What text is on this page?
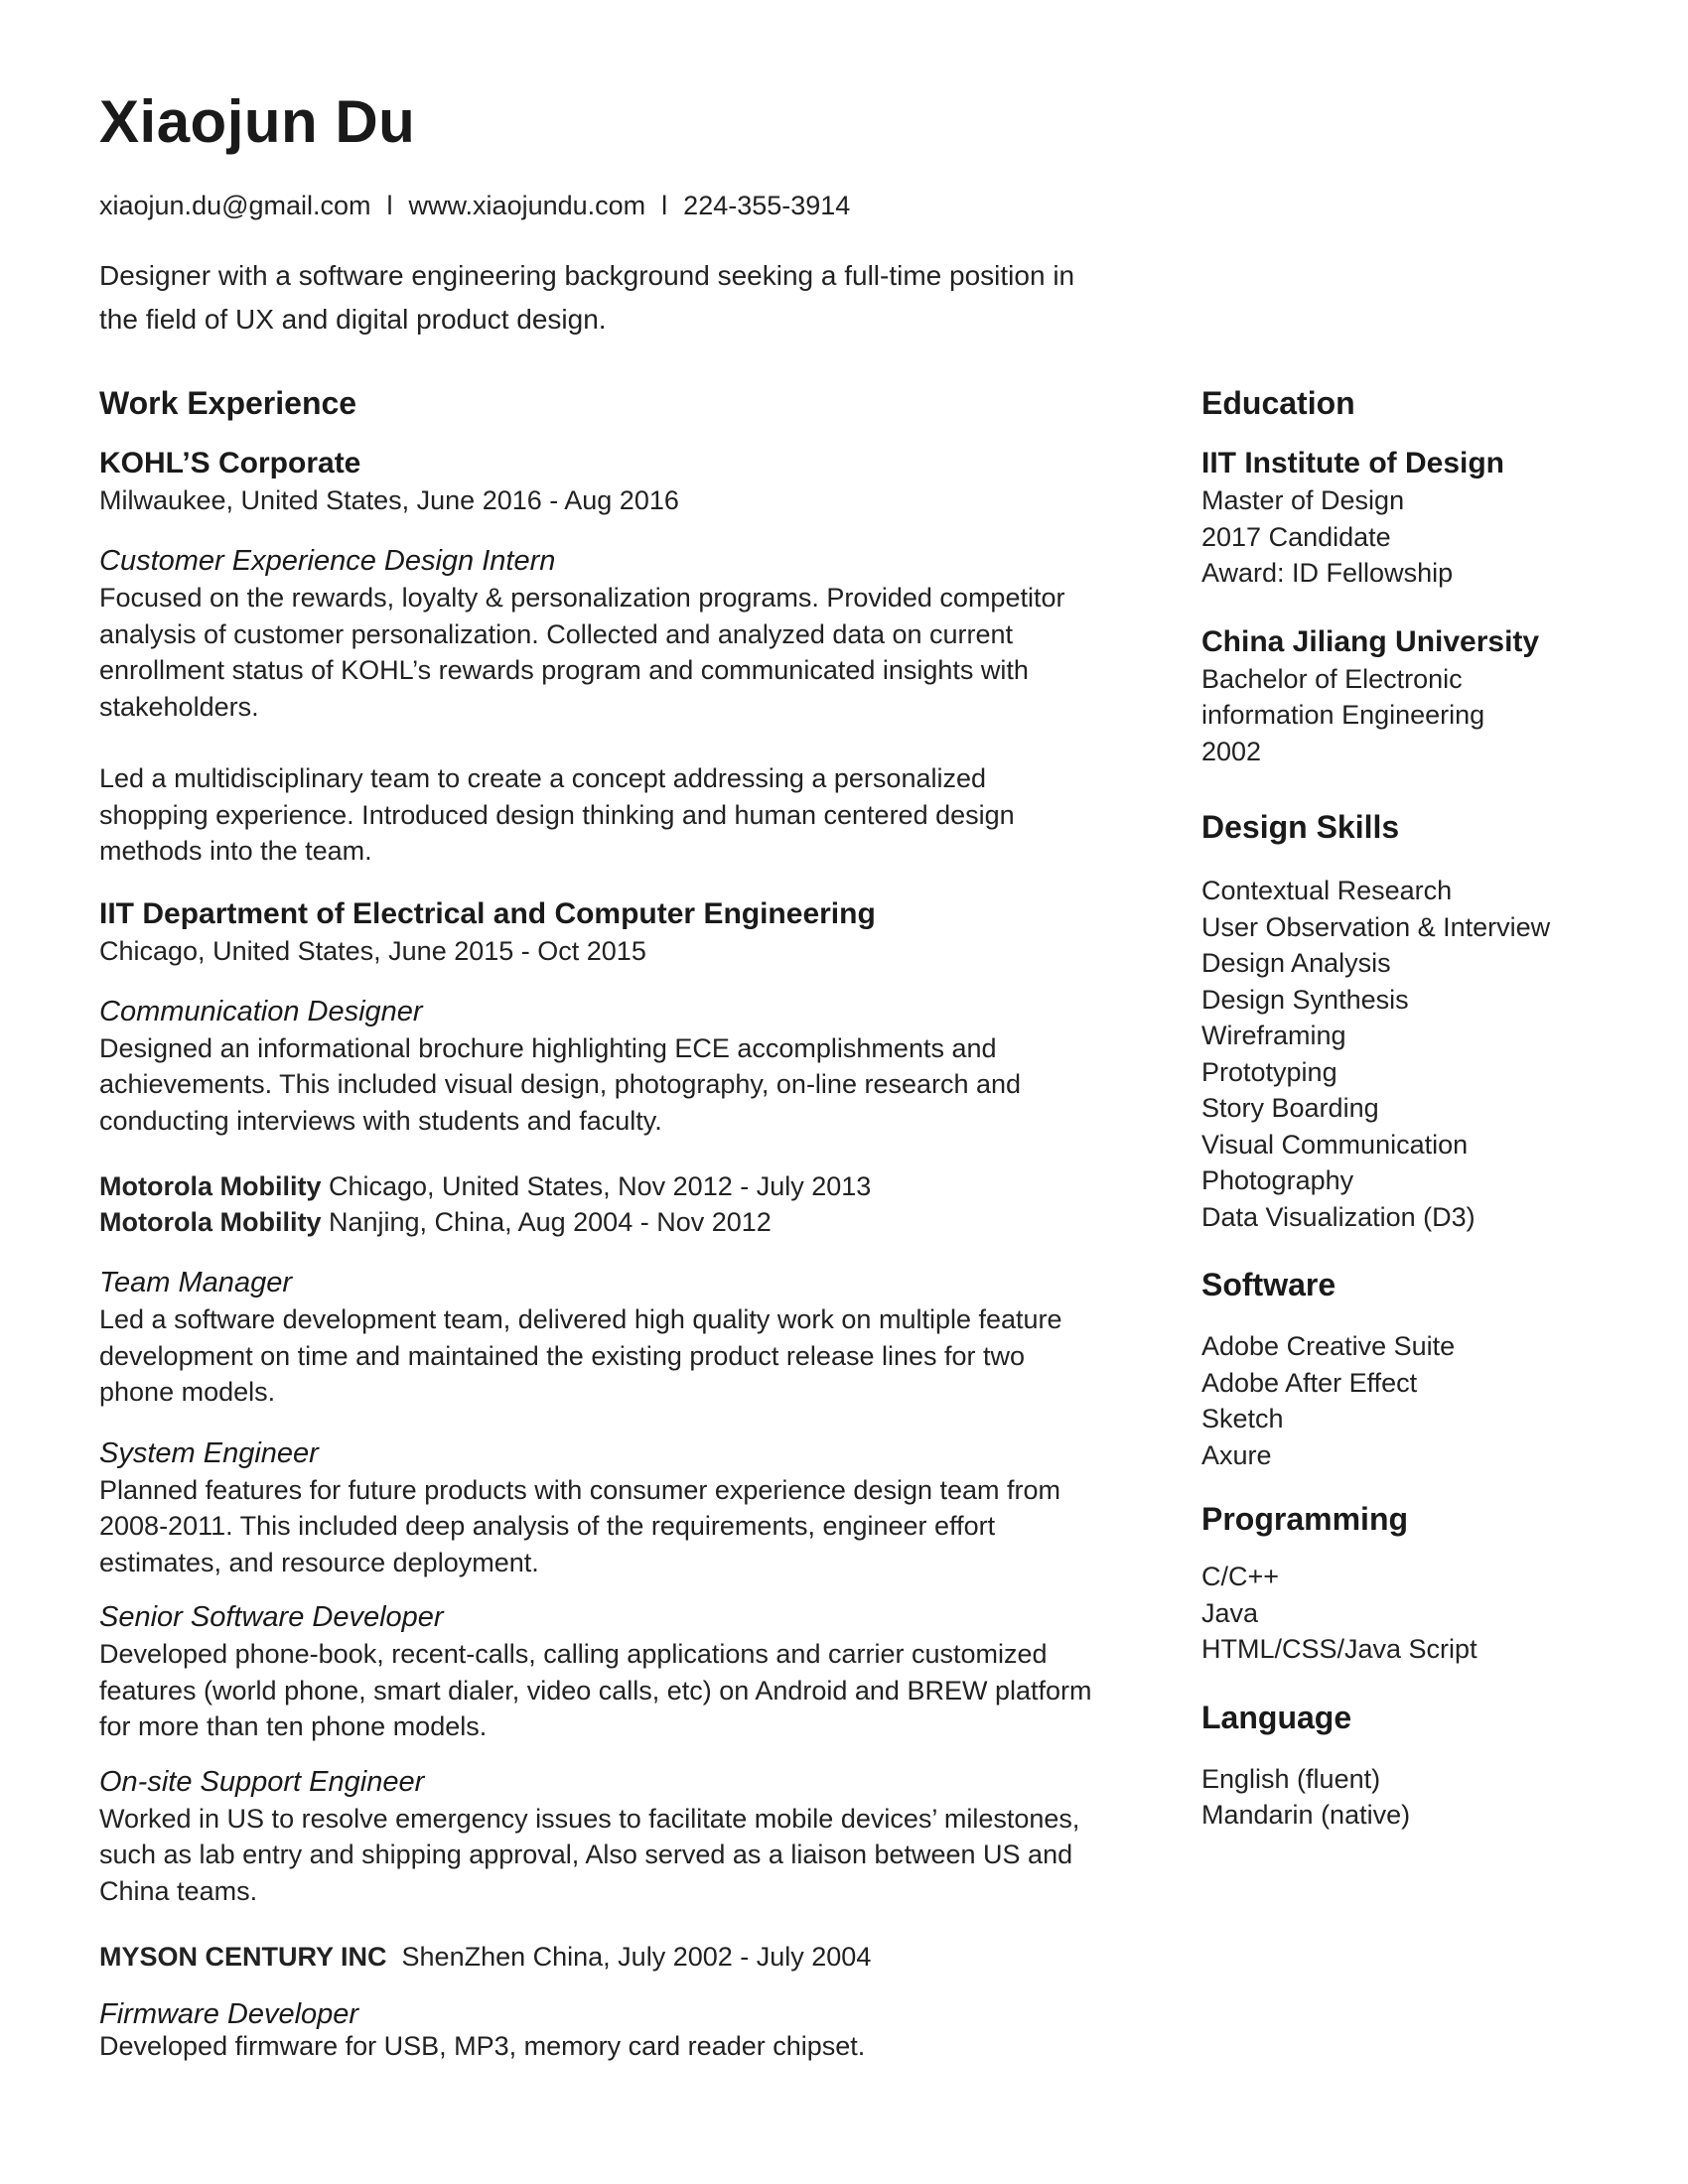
Xiaojun Du
xiaojun.du@gmail.com l www.xiaojundu.com l 224-355-3914
Designer with a software engineering background seeking a full-time position in the field of UX and digital product design.
Work Experience
KOHL’S Corporate
Milwaukee, United States, June 2016 - Aug 2016
Customer Experience Design Intern
Focused on the rewards, loyalty & personalization programs. Provided competitor analysis of customer personalization. Collected and analyzed data on current enrollment status of KOHL’s rewards program and communicated insights with stakeholders.
Led a multidisciplinary team to create a concept addressing a personalized shopping experience. Introduced design thinking and human centered design methods into the team.
IIT Department of Electrical and Computer Engineering
Chicago, United States, June 2015 - Oct 2015
Communication Designer
Designed an informational brochure highlighting ECE accomplishments and achievements. This included visual design, photography, on-line research and conducting interviews with students and faculty.
Motorola Mobility Chicago, United States, Nov 2012 - July 2013
Motorola Mobility Nanjing, China, Aug 2004 - Nov 2012
Team Manager
Led a software development team, delivered high quality work on multiple feature development on time and maintained the existing product release lines for two phone models.
System Engineer
Planned features for future products with consumer experience design team from 2008-2011. This included deep analysis of the requirements, engineer effort estimates, and resource deployment.
Senior Software Developer
Developed phone-book, recent-calls, calling applications and carrier customized features (world phone, smart dialer, video calls, etc) on Android and BREW platform for more than ten phone models.
On-site Support Engineer
Worked in US to resolve emergency issues to facilitate mobile devices’ milestones, such as lab entry and shipping approval, Also served as a liaison between US and China teams.
MYSON CENTURY INC  ShenZhen China, July 2002 - July 2004
Firmware Developer
Developed firmware for USB, MP3, memory card reader chipset.
Education
IIT Institute of Design
Master of Design
2017 Candidate
Award: ID Fellowship
China Jiliang University
Bachelor of Electronic
information Engineering
2002
Design Skills
Contextual Research
User Observation & Interview
Design Analysis
Design Synthesis
Wireframing
Prototyping
Story Boarding
Visual Communication
Photography
Data Visualization (D3)
Software
Adobe Creative Suite
Adobe After Effect
Sketch
Axure
Programming
C/C++
Java
HTML/CSS/Java Script
Language
English (fluent)
Mandarin (native)
